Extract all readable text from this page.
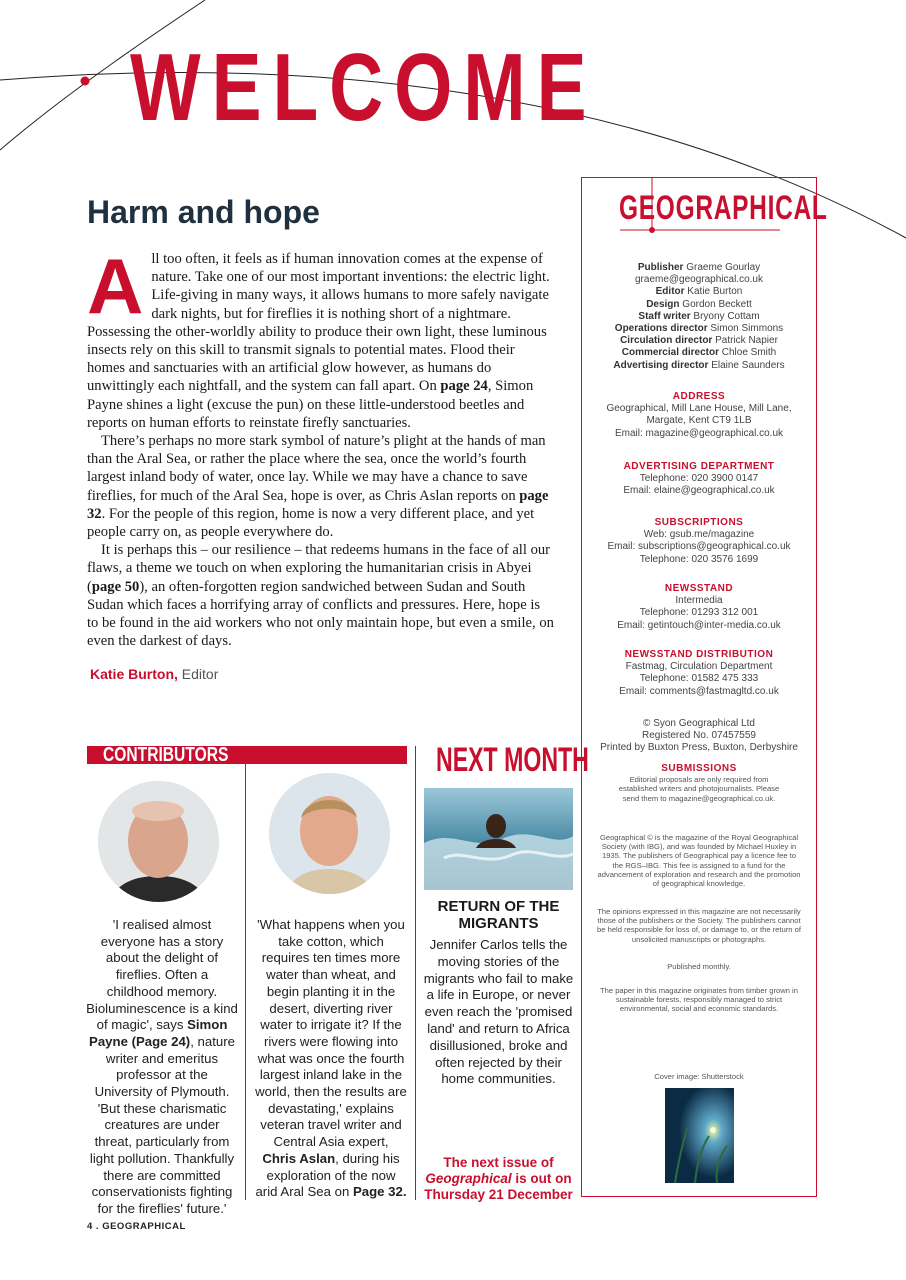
WELCOME
Harm and hope

All too often, it feels as if human innovation comes at the expense of nature. Take one of our most important inventions: the electric light. Life-giving in many ways, it allows humans to more safely navigate dark nights, but for fireflies it is nothing short of a nightmare. Possessing the other-worldly ability to produce their own light, these luminous insects rely on this skill to transmit signals to potential mates. Flood their homes and sanctuaries with an artificial glow however, as humans do unwittingly each nightfall, and the system can fall apart. On page 24, Simon Payne shines a light (excuse the pun) on these little-understood beetles and reports on human efforts to reinstate firefly sanctuaries.

There’s perhaps no more stark symbol of nature’s plight at the hands of man than the Aral Sea, or rather the place where the sea, once the world’s fourth largest inland body of water, once lay. While we may have a chance to save fireflies, for much of the Aral Sea, hope is over, as Chris Aslan reports on page 32. For the people of this region, home is now a very different place, and yet people carry on, as people everywhere do.

It is perhaps this – our resilience – that redeems humans in the face of all our flaws, a theme we touch on when exploring the humanitarian crisis in Abyei (page 50), an often-forgotten region sandwiched between Sudan and South Sudan which faces a horrifying array of conflicts and pressures. Here, hope is to be found in the aid workers who not only maintain hope, but even a smile, on even the darkest of days.

Katie Burton, Editor
GEOGRAPHICAL
Publisher Graeme Gourlay
graeme@geographical.co.uk
Editor Katie Burton
Design Gordon Beckett
Staff writer Bryony Cottam
Operations director Simon Simmons
Circulation director Patrick Napier
Commercial director Chloe Smith
Advertising director Elaine Saunders
ADDRESS
Geographical, Mill Lane House, Mill Lane,
Margate, Kent CT9 1LB
Email: magazine@geographical.co.uk
ADVERTISING DEPARTMENT
Telephone: 020 3900 0147
Email: elaine@geographical.co.uk
SUBSCRIPTIONS
Web: gsub.me/magazine
Email: subscriptions@geographical.co.uk
Telephone: 020 3576 1699
NEWSSTAND
Intermedia
Telephone: 01293 312 001
Email: getintouch@inter-media.co.uk
NEWSSTAND DISTRIBUTION
Fastmag, Circulation Department
Telephone: 01582 475 333
Email: comments@fastmagltd.co.uk
© Syon Geographical Ltd
Registered No. 07457559
Printed by Buxton Press, Buxton, Derbyshire
SUBMISSIONS
Editorial proposals are only required from established writers and photojournalists. Please send them to magazine@geographical.co.uk.
Geographical © is the magazine of the Royal Geographical Society (with IBG), and was founded by Michael Huxley in 1935. The publishers of Geographical pay a licence fee to the RGS–IBG. This fee is assigned to a fund for the advancement of exploration and research and the promotion of geographical knowledge.
The opinions expressed in this magazine are not necessarily those of the publishers or the Society. The publishers cannot be held responsible for loss of, or damage to, or the return of unsolicited manuscripts or photographs.
Published monthly.
The paper in this magazine originates from timber grown in sustainable forests, responsibly managed to strict environmental, social and economic standards.
Cover image: Shutterstock
CONTRIBUTORS
'I realised almost everyone has a story about the delight of fireflies. Often a childhood memory. Bioluminescence is a kind of magic', says Simon Payne (Page 24), nature writer and emeritus professor at the University of Plymouth. 'But these charismatic creatures are under threat, particularly from light pollution. Thankfully there are committed conservationists fighting for the fireflies' future.'
'What happens when you take cotton, which requires ten times more water than wheat, and begin planting it in the desert, diverting river water to irrigate it? If the rivers were flowing into what was once the fourth largest inland lake in the world, then the results are devastating,' explains veteran travel writer and Central Asia expert, Chris Aslan, during his exploration of the now arid Aral Sea on Page 32.
NEXT MONTH
RETURN OF THE MIGRANTS
Jennifer Carlos tells the moving stories of the migrants who fail to make a life in Europe, or never even reach the 'promised land' and return to Africa disillusioned, broke and often rejected by their home communities.
The next issue of Geographical is out on Thursday 21 December
4 . GEOGRAPHICAL
